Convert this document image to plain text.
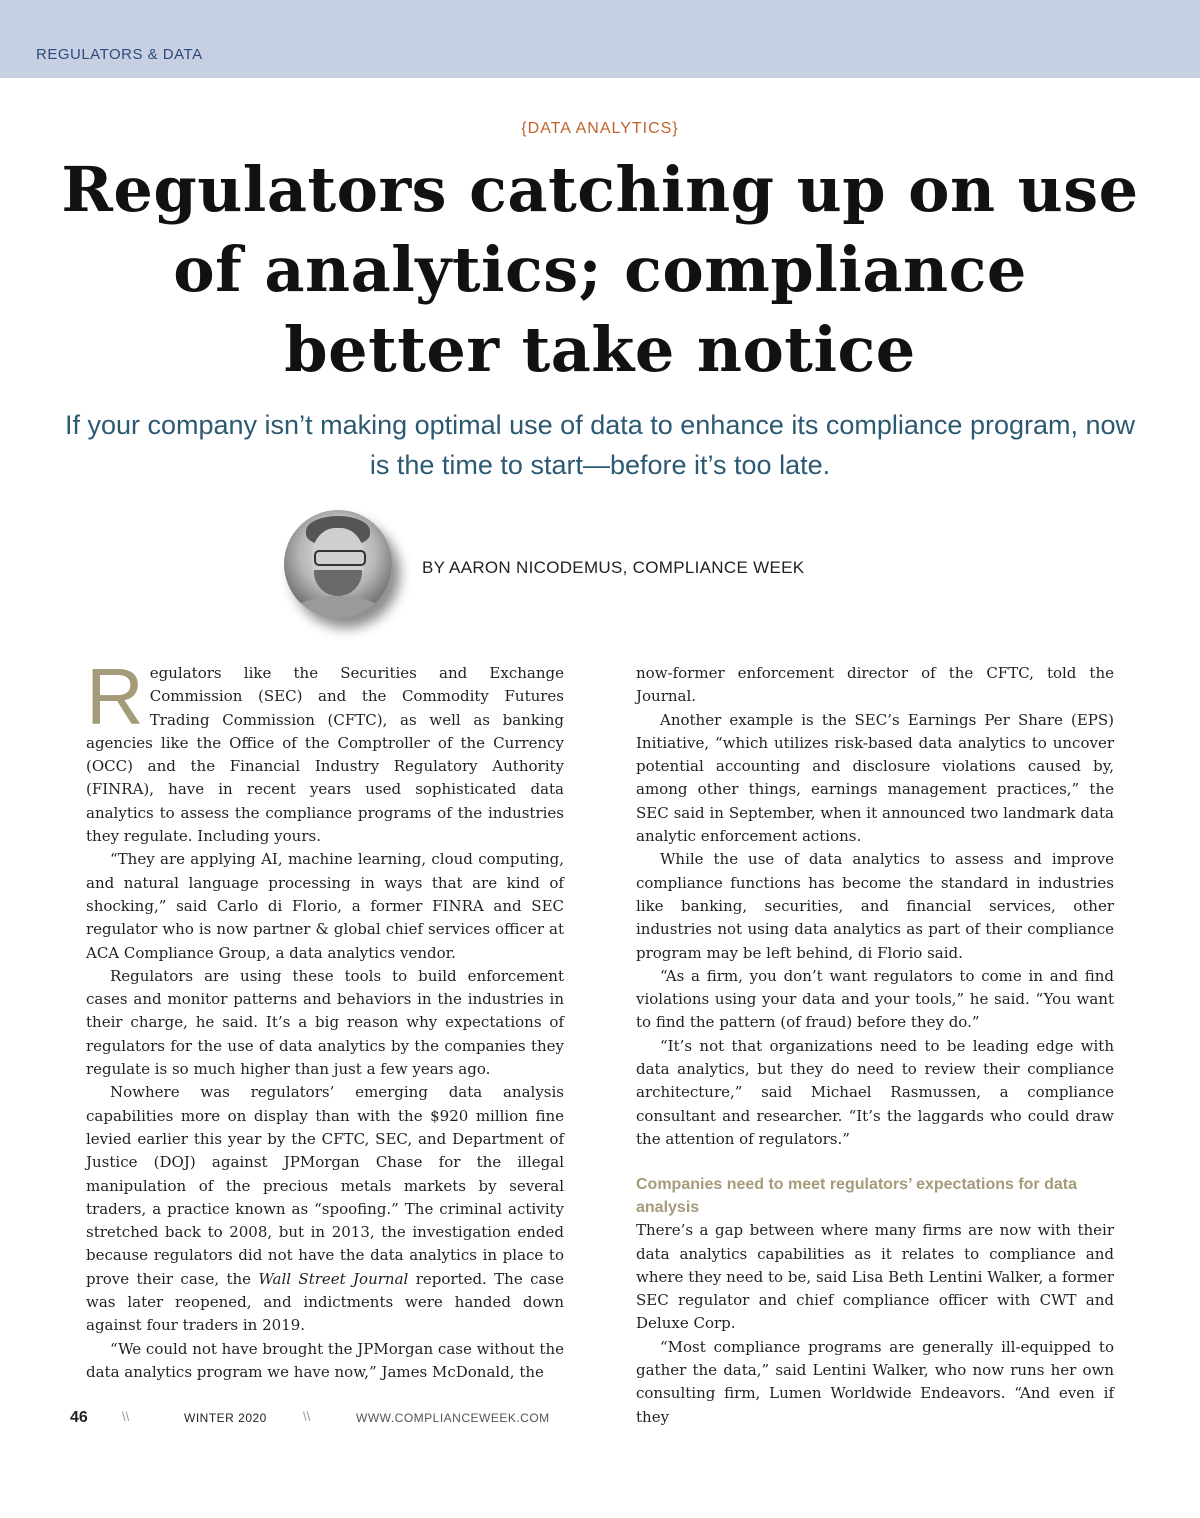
REGULATORS & DATA
{DATA ANALYTICS}
Regulators catching up on use of analytics; compliance better take notice
If your company isn’t making optimal use of data to enhance its compliance program, now is the time to start—before it’s too late.
BY AARON NICODEMUS, COMPLIANCE WEEK

Regulators like the Securities and Exchange Commission (SEC) and the Commodity Futures Trading Commission (CFTC), as well as banking agencies like the Office of the Comptroller of the Currency (OCC) and the Financial Industry Regulatory Authority (FINRA), have in recent years used sophisticated data analytics to assess the compliance programs of the industries they regulate. Including yours.

“They are applying AI, machine learning, cloud computing, and natural language processing in ways that are kind of shocking,” said Carlo di Florio, a former FINRA and SEC regulator who is now partner & global chief services officer at ACA Compliance Group, a data analytics vendor.

Regulators are using these tools to build enforcement cases and monitor patterns and behaviors in the industries in their charge, he said. It’s a big reason why expectations of regulators for the use of data analytics by the companies they regulate is so much higher than just a few years ago.

Nowhere was regulators’ emerging data analysis capabilities more on display than with the $920 million fine levied earlier this year by the CFTC, SEC, and Department of Justice (DOJ) against JPMorgan Chase for the illegal manipulation of the precious metals markets by several traders, a practice known as “spoofing.” The criminal activity stretched back to 2008, but in 2013, the investigation ended because regulators did not have the data analytics in place to prove their case, the Wall Street Journal reported. The case was later reopened, and indictments were handed down against four traders in 2019.

“We could not have brought the JPMorgan case without the data analytics program we have now,” James McDonald, the

now-former enforcement director of the CFTC, told the Journal.

Another example is the SEC’s Earnings Per Share (EPS) Initiative, “which utilizes risk-based data analytics to uncover potential accounting and disclosure violations caused by, among other things, earnings management practices,” the SEC said in September, when it announced two landmark data analytic enforcement actions.

While the use of data analytics to assess and improve compliance functions has become the standard in industries like banking, securities, and financial services, other industries not using data analytics as part of their compliance program may be left behind, di Florio said.

“As a firm, you don’t want regulators to come in and find violations using your data and your tools,” he said. “You want to find the pattern (of fraud) before they do.”

“It’s not that organizations need to be leading edge with data analytics, but they do need to review their compliance architecture,” said Michael Rasmussen, a compliance consultant and researcher. “It’s the laggards who could draw the attention of regulators.”

Companies need to meet regulators’ expectations for data analysis

There’s a gap between where many firms are now with their data analytics capabilities as it relates to compliance and where they need to be, said Lisa Beth Lentini Walker, a former SEC regulator and chief compliance officer with CWT and Deluxe Corp.

“Most compliance programs are generally ill-equipped to gather the data,” said Lentini Walker, who now runs her own consulting firm, Lumen Worldwide Endeavors. “And even if they

46	\\	WINTER 2020	\\	WWW.COMPLIANCEWEEK.COM
